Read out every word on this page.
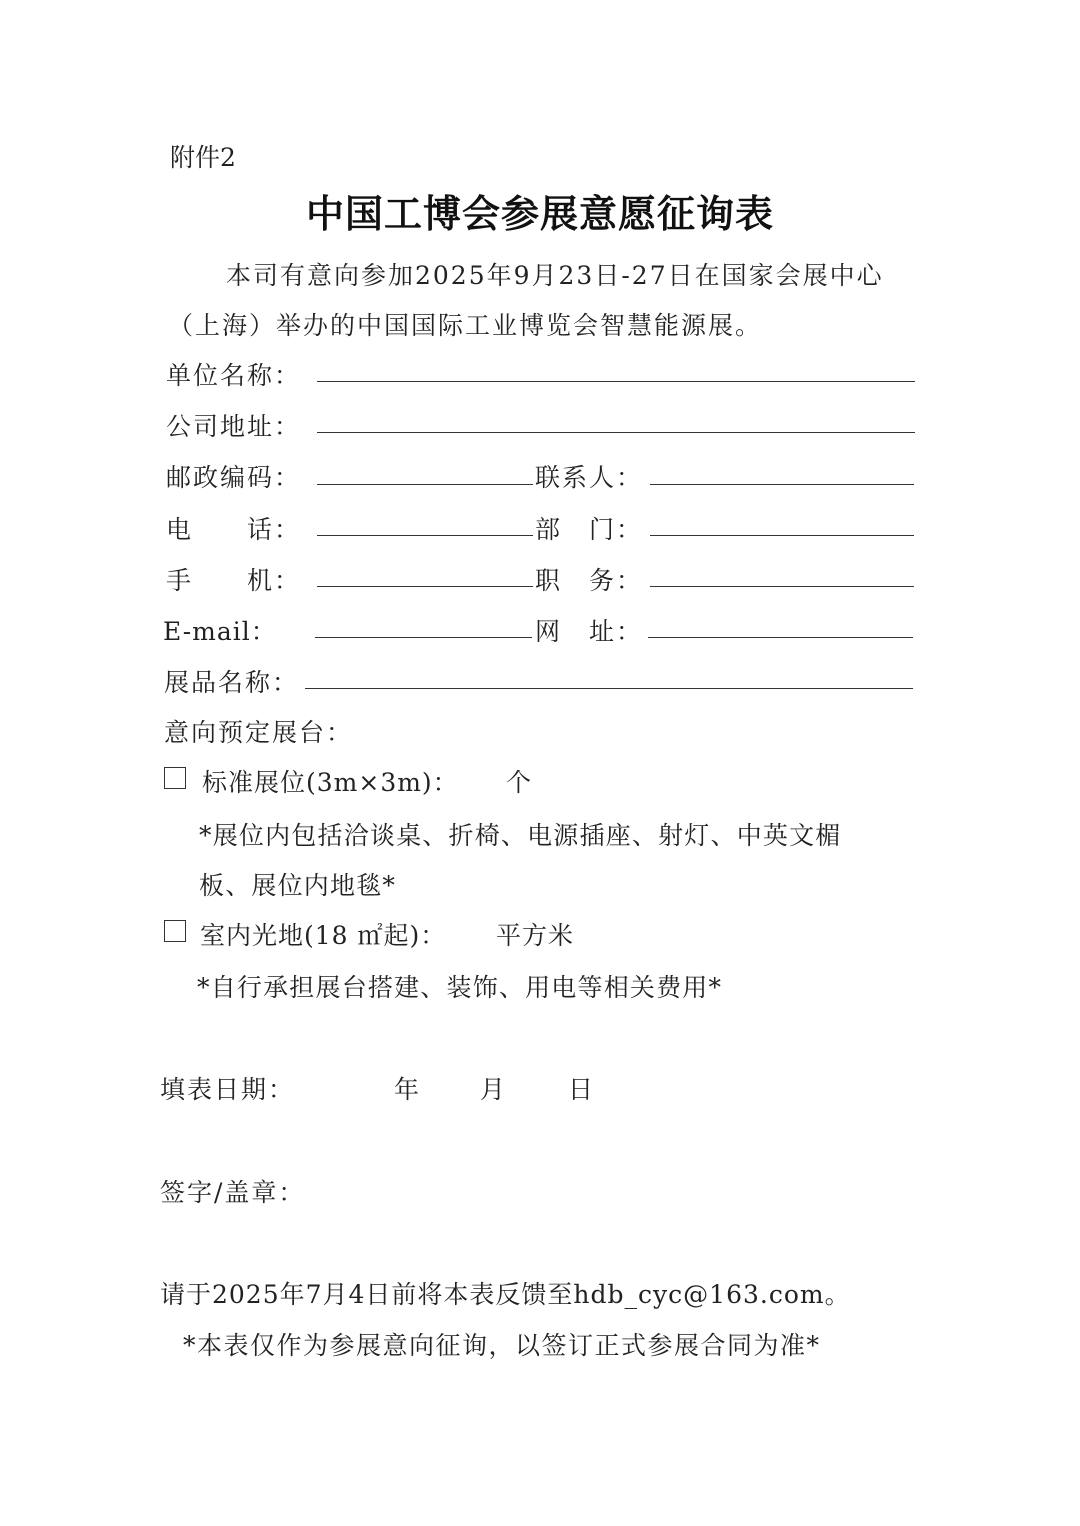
附件2
中国工博会参展意愿征询表
本司有意向参加2025年9月23日-27日在国家会展中心
（上海）举办的中国国际工业博览会智慧能源展。
单位名称：
公司地址：
邮政编码：	联系人：
电　　话：	部　门：
手　　机：	职　务：
E-mail：	网　址：
展品名称：
意向预定展台：
标准展位(3m×3m)： 个
*展位内包括洽谈桌、折椅、电源插座、射灯、中英文楣
板、展位内地毯*
室内光地(18 ㎡起)： 平方米
*自行承担展台搭建、装饰、用电等相关费用*
填表日期：	年 月 日
签字/盖章：
请于2025年7月4日前将本表反馈至hdb_cyc@163.com。
*本表仅作为参展意向征询，以签订正式参展合同为准*
